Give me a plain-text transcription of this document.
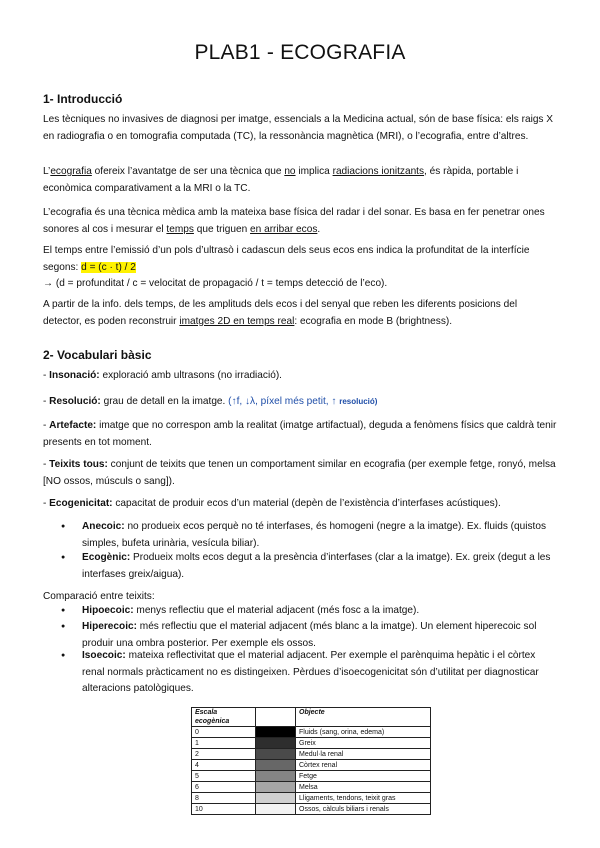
PLAB1 - ECOGRAFIA
1- Introducció
Les tècniques no invasives de diagnosi per imatge, essencials a la Medicina actual, són de base física: els raigs X en radiografia o en tomografia computada (TC), la ressonància magnètica (MRI), o l’ecografia, entre d’altres.
L’ecografia ofereix l’avantatge de ser una tècnica que no implica radiacions ionitzants, és ràpida, portable i econòmica comparativament a la MRI o la TC.
L’ecografia és una tècnica mèdica amb la mateixa base física del radar i del sonar. Es basa en fer penetrar ones sonores al cos i mesurar el temps que triguen en arribar ecos.
El temps entre l’emissió d’un pols d’ultrasò i cadascun dels seus ecos ens indica la profunditat de la interfície segons: d = (c · t) / 2
→ (d = profunditat / c = velocitat de propagació / t = temps detecció de l’eco).
A partir de la info. dels temps, de les amplituds dels ecos i del senyal que reben les diferents posicions del detector, es poden reconstruir imatges 2D en temps real: ecografia en mode B (brightness).
2- Vocabulari bàsic
- Insonació: exploració amb ultrasons (no irradiació).
- Resolució: grau de detall en la imatge. (↑f, ↓λ, píxel més petit, ↑ resolució)
- Artefacte: imatge que no correspon amb la realitat (imatge artifactual), deguda a fenòmens físics que caldrà tenir presents en tot moment.
- Teixits tous: conjunt de teixits que tenen un comportament similar en ecografia (per exemple fetge, ronyó, melsa [NO ossos, músculs o sang]).
- Ecogenicitat: capacitat de produir ecos d’un material (depèn de l’existència d’interfases acústiques).
● Anecoic: no produeix ecos perquè no té interfases, és homogeni (negre a la imatge). Ex. fluids (quistos simples, bufeta urinària, vesícula biliar).
● Ecogènic: Produeix molts ecos degut a la presència d’interfases (clar a la imatge). Ex. greix (degut a les interfases greix/aigua).
Comparació entre teixits:
● Hipoecoic: menys reflectiu que el material adjacent (més fosc a la imatge).
● Hiperecoic: més reflectiu que el material adjacent (més blanc a la imatge). Un element hiperecoic sol produir una ombra posterior. Per exemple els ossos.
● Isoecoic: mateixa reflectivitat que el material adjacent. Per exemple el parènquima hepàtic i el còrtex renal normals pràcticament no es distingeixen. Pèrdues d’isoecogenicitat són d’utilitat per diagnosticar alteracions patològiques.
Escala ecogènica		Objecte
0		Fluids (sang, orina, edema)
1		Greix
2		Medul·la renal
4		Còrtex renal
5		Fetge
6		Melsa
8		Lligaments, tendons, teixit gras
10		Ossos, càlculs biliars i renals
